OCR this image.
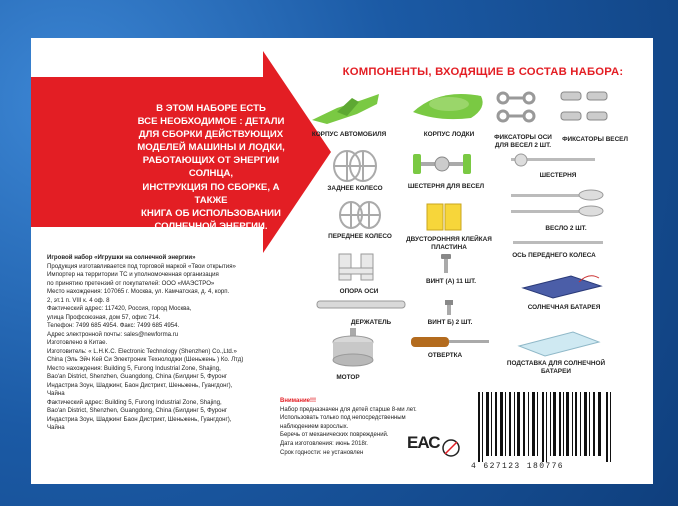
В ЭТОМ НАБОРЕ ЕСТЬ
ВСЕ НЕОБХОДИМОЕ : ДЕТАЛИ
ДЛЯ СБОРКИ ДЕЙСТВУЮЩИХ
МОДЕЛЕЙ МАШИНЫ И ЛОДКИ,
РАБОТАЮЩИХ ОТ ЭНЕРГИИ СОЛНЦА,
ИНСТРУКЦИЯ ПО СБОРКЕ, А ТАКЖЕ
КНИГА ОБ ИСПОЛЬЗОВАНИИ
СОЛНЕЧНОЙ ЭНЕРГИИ.
КОМПОНЕНТЫ, ВХОДЯЩИЕ В СОСТАВ НАБОРА:
КОРПУС АВТОМОБИЛЯ	КОРПУС ЛОДКИ	ФИКСАТОРЫ ОСИ
ДЛЯ ВЕСЕЛ 2 ШТ.
ФИКСАТОРЫ ВЕСЕЛ
ЗАДНЕЕ КОЛЕСО	ШЕСТЕРНЯ ДЛЯ ВЕСЕЛ
ШЕСТЕРНЯ
ПЕРЕДНЕЕ КОЛЕСО	ДВУСТОРОННЯЯ КЛЕЙКАЯ
ПЛАСТИНА
ВЕСЛО 2 ШТ.
ОСЬ ПЕРЕДНЕГО КОЛЕСА
ВИНТ (А) 11 ШТ.
ОПОРА ОСИ
СОЛНЕЧНАЯ БАТАРЕЯ
ДЕРЖАТЕЛЬ	ВИНТ Б) 2 ШТ.
МОТОР
ОТВЕРТКА
ПОДСТАВКА ДЛЯ СОЛНЕЧНОЙ
БАТАРЕИ

Игровой набор «Игрушки на солнечной энергии»

Продукция изготавливается под торговой маркой «Твои открытия»

Импортер на территории ТС и уполномоченная организация

по принятию претензий от покупателей: ООО «МАЭСТРО»

Место нахождения: 107065 г. Москва, ул. Камчатская, д. 4, корп.

2, эт.1 п. VIII к. 4 оф. 8

Фактический адрес: 117420, Россия, город Москва,

улица Профсоюзная, дом 57, офис 714.

Телефон: 7499 685 4954. Факс: 7499 685 4954.

Адрес электронной почты: sales@newforma.ru

Изготовлено в Китае.

Изготовитель: « L.H.K.C. Electronic Technology (Shenzhen) Co.,Ltd.»

China (Эль Эйч Кей Си Электроник Технолоджи (Шеньжень ) Ко. Лтд)

Место нахождения: Building 5, Furong Industrial Zone, Shajing,

Bao'an District, Shenzhen, Guangdong, China (Билдинг 5, Фуронг

Индастриа Зоун, Шаджинг, Баон Дистрикт, Шеньжень, Гуангдонг),

Чайна

Фактический адрес: Building 5, Furong Industrial Zone, Shajing,

Bao'an District, Shenzhen, Guangdong, China (Билдинг 5, Фуронг

Индастриа Зоун, Шаджинг Баон Дистрикт, Шеньжень, Гуангдонг),

Чайна

Внимание!!!
Набор предназначен для детей старше 8-ми лет.
Использовать только под непосредственным
наблюдением взрослых.
Беречь от механических повреждений.
Дата изготовления: июнь 2018г.
Срок годности: не установлен
ЕАС
4 627123 180776
